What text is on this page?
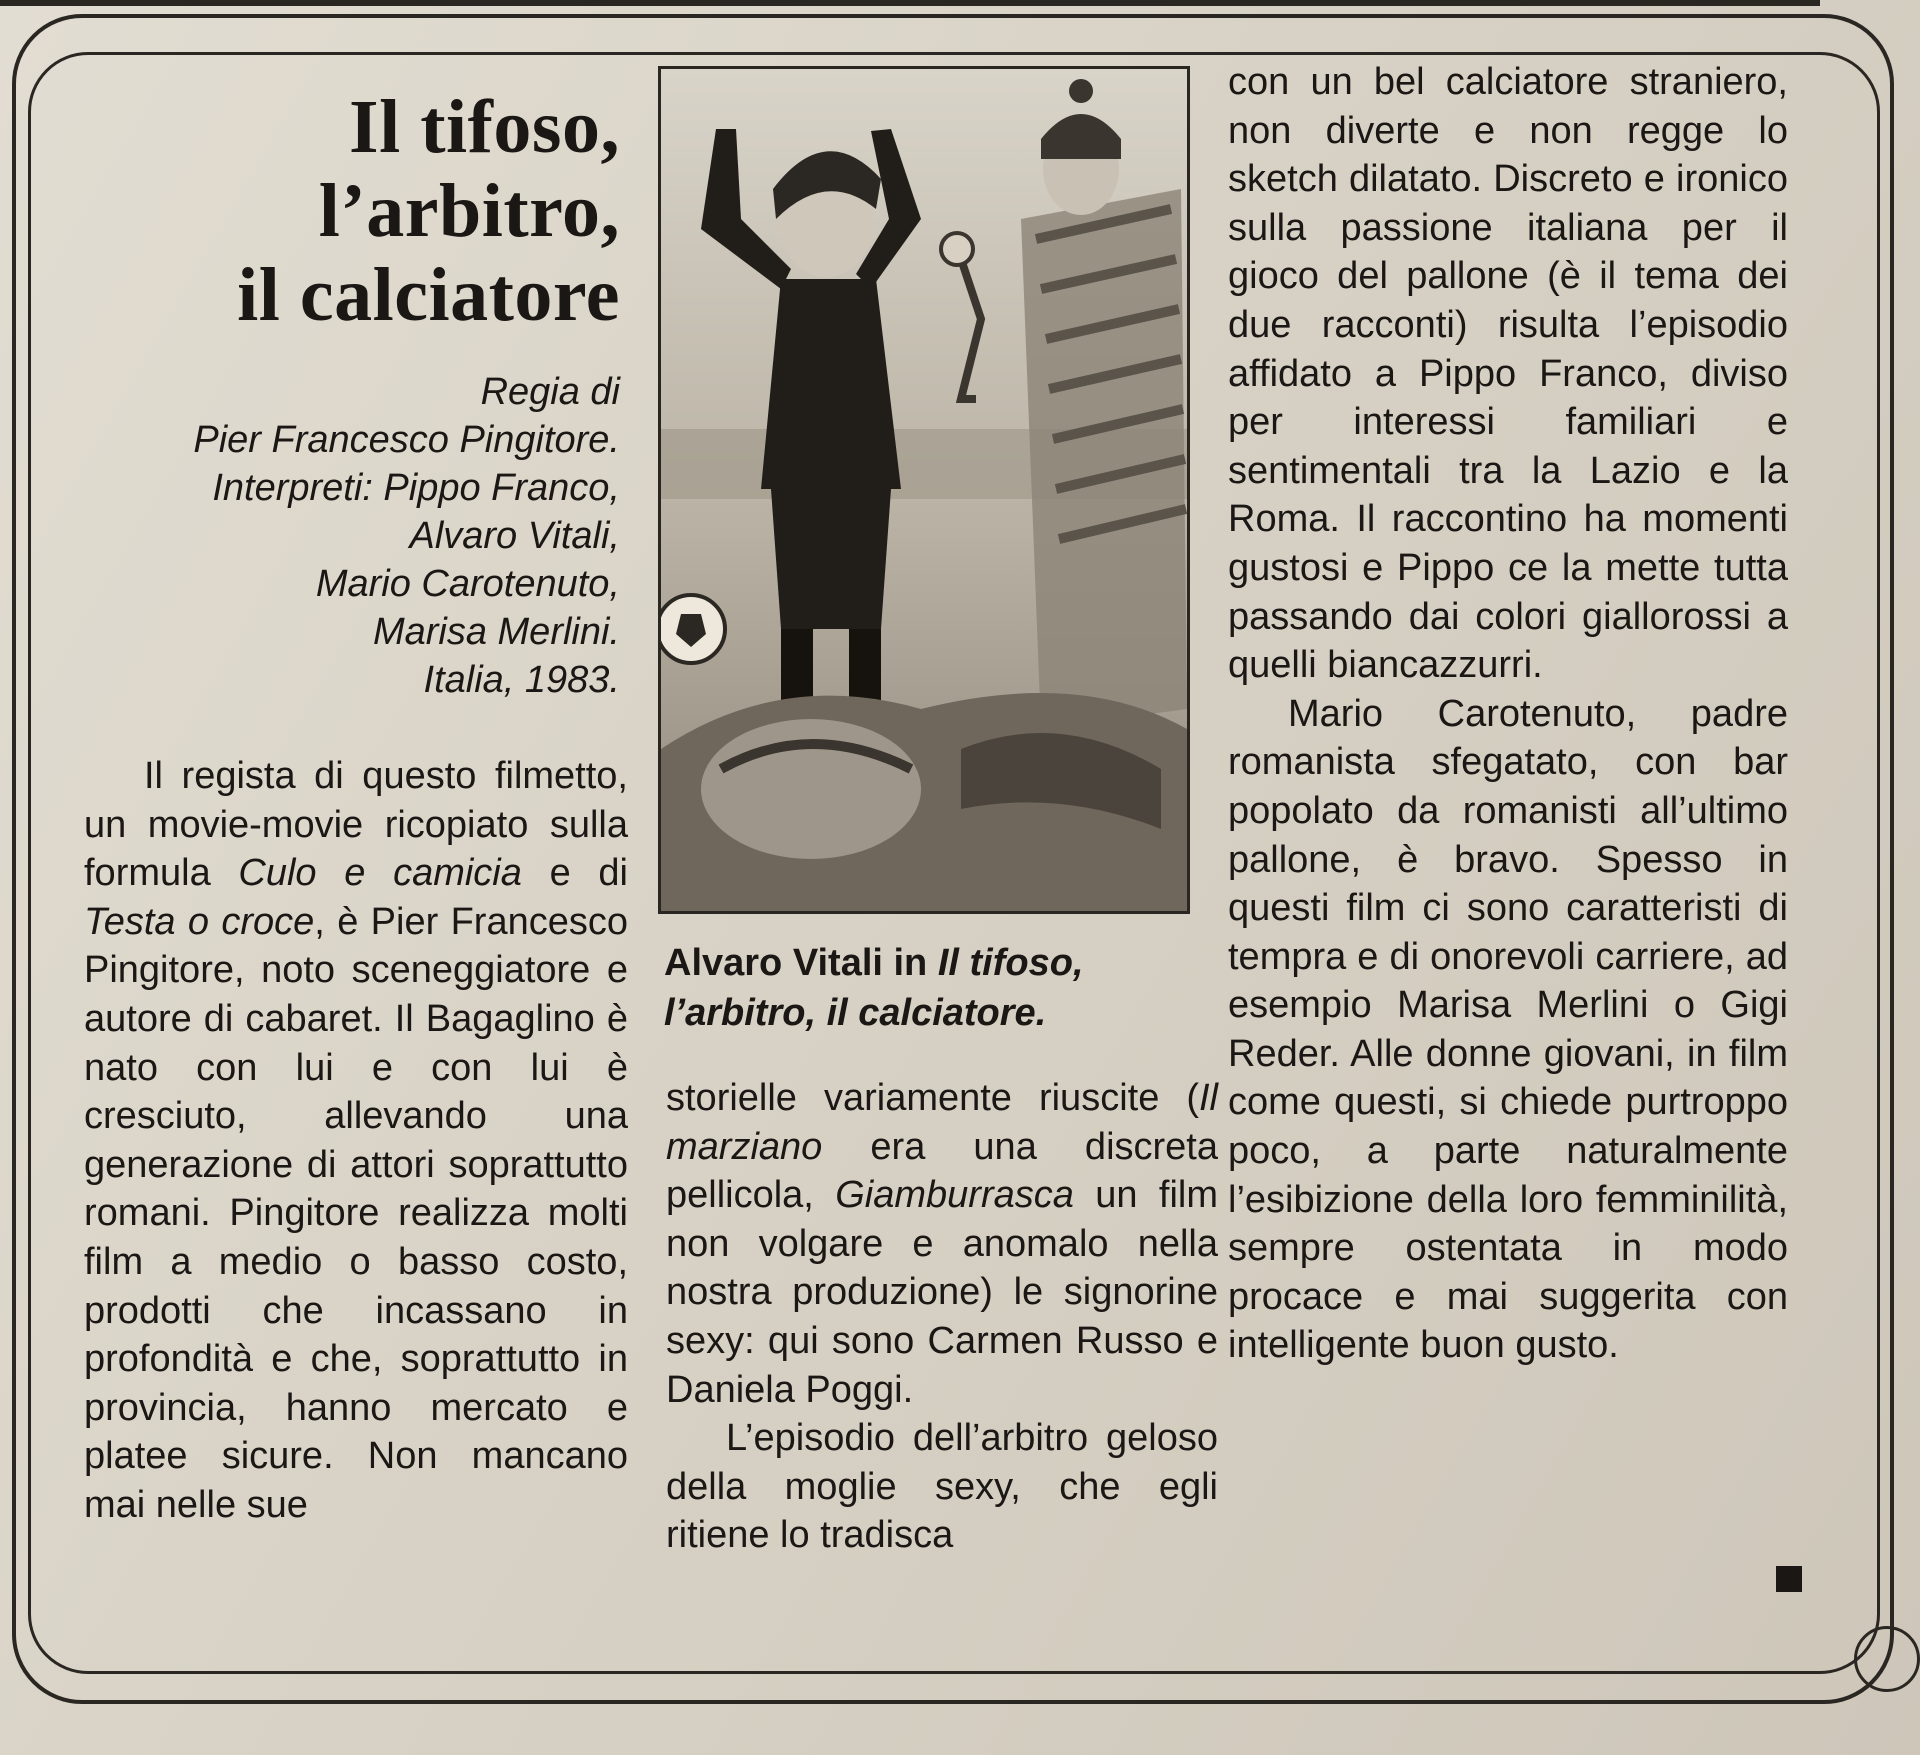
Il tifoso,
l’arbitro,
il calciatore
Regia di
Pier Francesco Pingitore.
Interpreti: Pippo Franco,
Alvaro Vitali,
Mario Carotenuto,
Marisa Merlini.
Italia, 1983.

Il regista di questo filmetto, un movie-movie ricopiato sulla formula Culo e camicia e di Testa o croce, è Pier Francesco Pingitore, noto sceneggiatore e autore di cabaret. Il Bagaglino è nato con lui e con lui è cresciuto, allevando una generazione di attori soprattutto romani. Pingitore realizza molti film a medio o basso costo, prodotti che incassano in profondità e che, soprattutto in provincia, hanno mercato e platee sicure. Non mancano mai nelle sue

Alvaro Vitali in Il tifoso, l’arbitro, il calciatore.

storielle variamente riuscite (Il marziano era una discreta pellicola, Giamburrasca un film non volgare e anomalo nella nostra produzione) le signorine sexy: qui sono Carmen Russo e Daniela Poggi.

L’episodio dell’arbitro geloso della moglie sexy, che egli ritiene lo tradisca

con un bel calciatore straniero, non diverte e non regge lo sketch dilatato. Discreto e ironico sulla passione italiana per il gioco del pallone (è il tema dei due racconti) risulta l’episodio affidato a Pippo Franco, diviso per interessi familiari e sentimentali tra la Lazio e la Roma. Il raccontino ha momenti gustosi e Pippo ce la mette tutta passando dai colori giallorossi a quelli biancazzurri.

Mario Carotenuto, padre romanista sfegatato, con bar popolato da romanisti all’ultimo pallone, è bravo. Spesso in questi film ci sono caratteristi di tempra e di onorevoli carriere, ad esempio Marisa Merlini o Gigi Reder. Alle donne giovani, in film come questi, si chiede purtroppo poco, a parte naturalmente l’esibizione della loro femminilità, sempre ostentata in modo procace e mai suggerita con intelligente buon gusto.
